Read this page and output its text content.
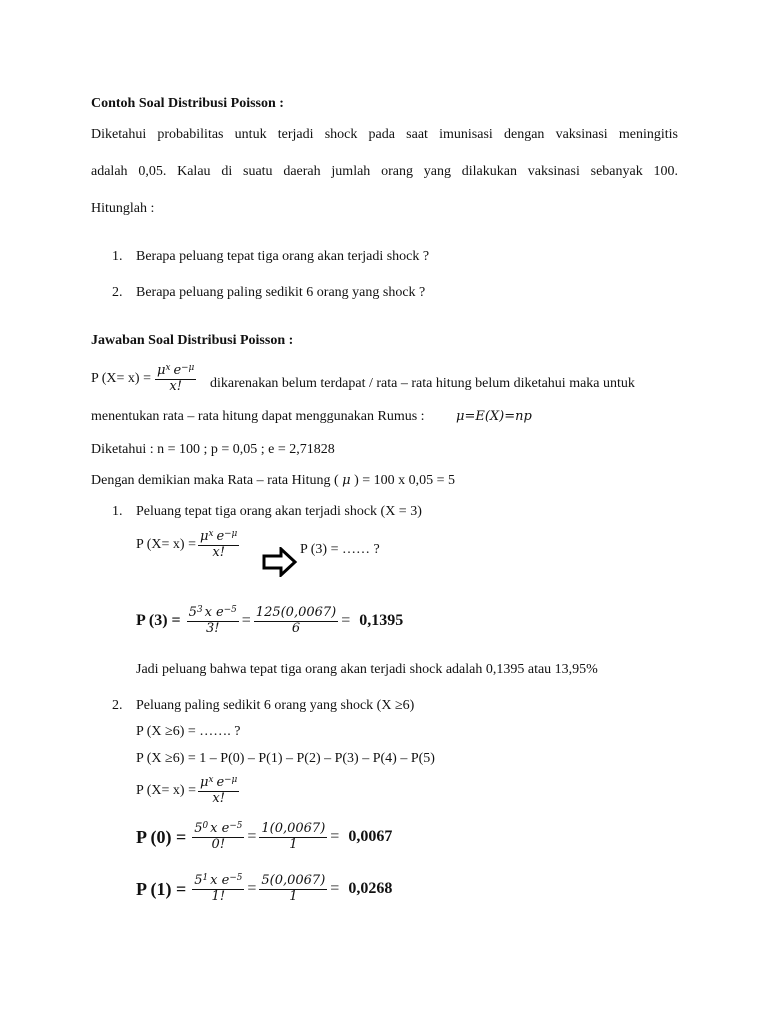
Contoh Soal Distribusi Poisson :
Diketahui probabilitas untuk terjadi shock pada saat imunisasi dengan vaksinasi meningitis
adalah 0,05. Kalau di suatu daerah jumlah orang yang dilakukan vaksinasi sebanyak 100.
Hitunglah :
1. Berapa peluang tepat tiga orang akan terjadi shock ?
2. Berapa peluang paling sedikit 6 orang yang shock ?
Jawaban Soal Distribusi Poisson :
P $(X= x) = \frac{\mu^x e^{-\mu}}{x!}$ dikarenakan belum terdapat / rata – rata hitung belum diketahui maka untuk
menentukan rata – rata hitung dapat menggunakan Rumus : μ=E(X)=np
Diketahui : n = 100 ; p = 0,05 ; e = 2,71828
Dengan demikian maka Rata – rata Hitung ( μ ) = 100 x 0,05 = 5
1. Peluang tepat tiga orang akan terjadi shock (X = 3)
P $(X= x) = \frac{\mu^x e^{-\mu}}{x!}$	P (3) = …… ?
P $(3) = \frac{5^3 x e^{-5}}{3!} = \frac{125(0,0067)}{6} = 0,1395$
Jadi peluang bahwa tepat tiga orang akan terjadi shock adalah 0,1395 atau 13,95%
2. Peluang paling sedikit 6 orang yang shock (X ≥6)
P (X ≥6) = ……. ?
P (X ≥6) = 1 – P(0) – P(1) – P(2) – P(3) – P(4) – P(5)
P $(X= x) = \frac{\mu^x e^{-\mu}}{x!}$
P $(0) = \frac{5^0 x e^{-5}}{0!} = \frac{1(0,0067)}{1} = 0,0067$
P $(1) = \frac{5^1 x e^{-5}}{1!} = \frac{5(0,0067)}{1} = 0,0268$
